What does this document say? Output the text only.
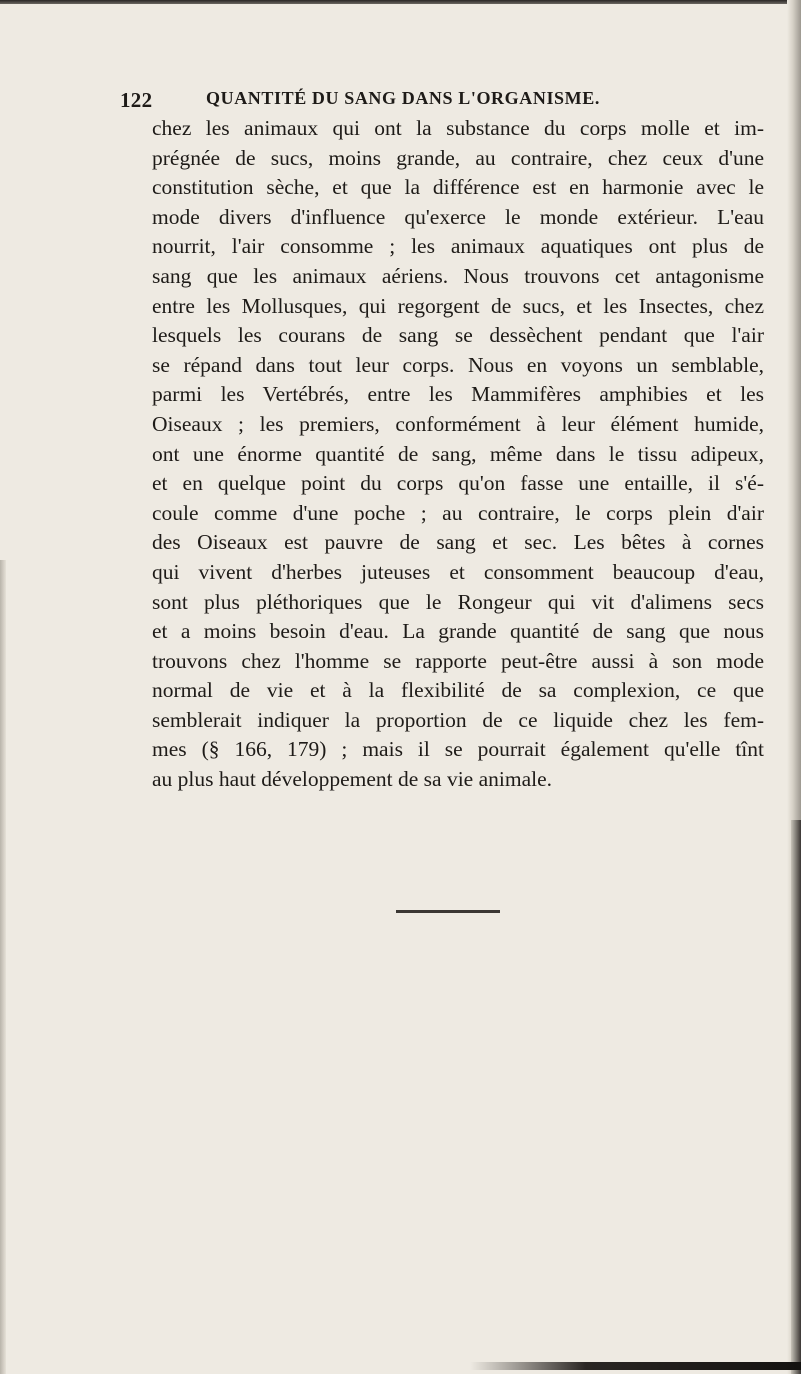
122	QUANTITÉ DU SANG DANS L'ORGANISME.
chez les animaux qui ont la substance du corps molle et im-
prégnée de sucs, moins grande, au contraire, chez ceux d'une
constitution sèche, et que la différence est en harmonie avec le
mode divers d'influence qu'exerce le monde extérieur. L'eau
nourrit, l'air consomme ; les animaux aquatiques ont plus de
sang que les animaux aériens. Nous trouvons cet antagonisme
entre les Mollusques, qui regorgent de sucs, et les Insectes, chez
lesquels les courans de sang se dessèchent pendant que l'air
se répand dans tout leur corps. Nous en voyons un semblable,
parmi les Vertébrés, entre les Mammifères amphibies et les
Oiseaux ; les premiers, conformément à leur élément humide,
ont une énorme quantité de sang, même dans le tissu adipeux,
et en quelque point du corps qu'on fasse une entaille, il s'é-
coule comme d'une poche ; au contraire, le corps plein d'air
des Oiseaux est pauvre de sang et sec. Les bêtes à cornes
qui vivent d'herbes juteuses et consomment beaucoup d'eau,
sont plus pléthoriques que le Rongeur qui vit d'alimens secs
et a moins besoin d'eau. La grande quantité de sang que nous
trouvons chez l'homme se rapporte peut-être aussi à son mode
normal de vie et à la flexibilité de sa complexion, ce que
semblerait indiquer la proportion de ce liquide chez les fem-
mes (§ 166, 179) ; mais il se pourrait également qu'elle tînt
au plus haut développement de sa vie animale.
